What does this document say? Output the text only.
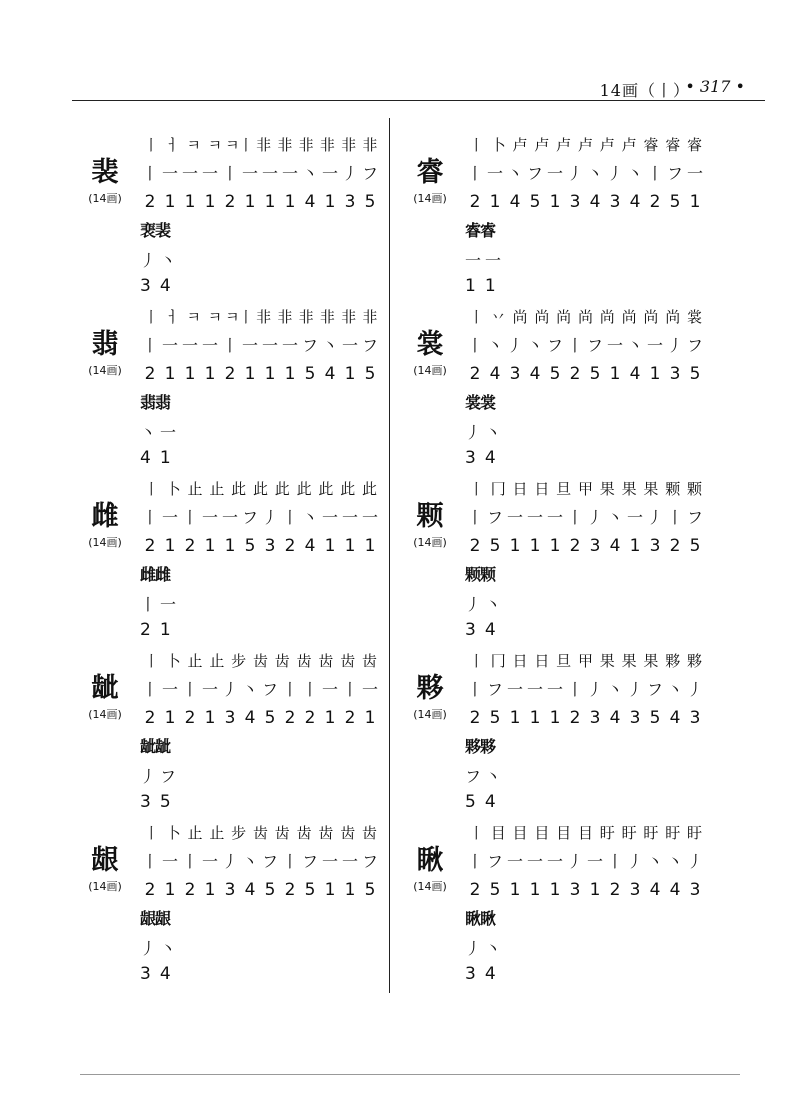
14画（丨）
• 317 •
裴
(14画)
丨 ㅓ ㅋ ㅋ ㅋ丨 非 非 非 非 非 非
丨 一 一 一 丨 一 一 一 丶 一 丿 フ
2 1 1 1 2 1 1 1 4 1 3 5
裵裴
丿 丶
3 4
翡
(14画)
丨 ㅓ ㅋ ㅋ ㅋ丨 非 非 非 非 非 非
丨 一 一 一 丨 一 一 一 フ 丶 一 フ
2 1 1 1 2 1 1 1 5 4 1 5
翡翡
丶 一
4 1
雌
(14画)
丨 卜 止 止 此 此 此 此 此 此 此
丨 一 丨 一 一 フ 丿 丨 丶 一 一 一
2 1 2 1 1 5 3 2 4 1 1 1
雌雌
丨 一
2 1
龇
(14画)
丨 卜 止 止 步 齿 齿 齿 齿 齿 齿
丨 一 丨 一 丿 丶 フ 丨 丨 一 丨 一
2 1 2 1 3 4 5 2 2 1 2 1
龇龇
丿 フ
3 5
龈
(14画)
丨 卜 止 止 步 齿 齿 齿 齿 齿 齿
丨 一 丨 一 丿 丶 フ 丨 フ 一 一 フ
2 1 2 1 3 4 5 2 5 1 1 5
龈龈
丿 丶
3 4
睿
(14画)
丨 卜 卢 卢 卢 卢 卢 卢 睿 睿 睿
丨 一 丶 フ 一 丿 丶 丿 丶 丨 フ 一
2 1 4 5 1 3 4 3 4 2 5 1
睿睿
一 一
1 1
裳
(14画)
丨 丷 尚 尚 尚 尚 尚 尚 尚 尚 裳
丨 丶 丿 丶 フ 丨 フ 一 丶 一 丿 フ
2 4 3 4 5 2 5 1 4 1 3 5
裳裳
丿 丶
3 4
颗
(14画)
丨 冂 日 日 旦 甲 果 果 果 颗 颗
丨 フ 一 一 一 丨 丿 丶 一 丿 丨 フ
2 5 1 1 1 2 3 4 1 3 2 5
颗颗
丿 丶
3 4
夥
(14画)
丨 冂 日 日 旦 甲 果 果 果 夥 夥
丨 フ 一 一 一 丨 丿 丶 丿 フ 丶 丿
2 5 1 1 1 2 3 4 3 5 4 3
夥夥
フ 丶
5 4
瞅
(14画)
丨 目 目 目 目 目 盱 盱 盱 盱 盱
丨 フ 一 一 一 丿 一 丨 丿 丶 丶 丿
2 5 1 1 1 3 1 2 3 4 4 3
瞅瞅
丿 丶
3 4
